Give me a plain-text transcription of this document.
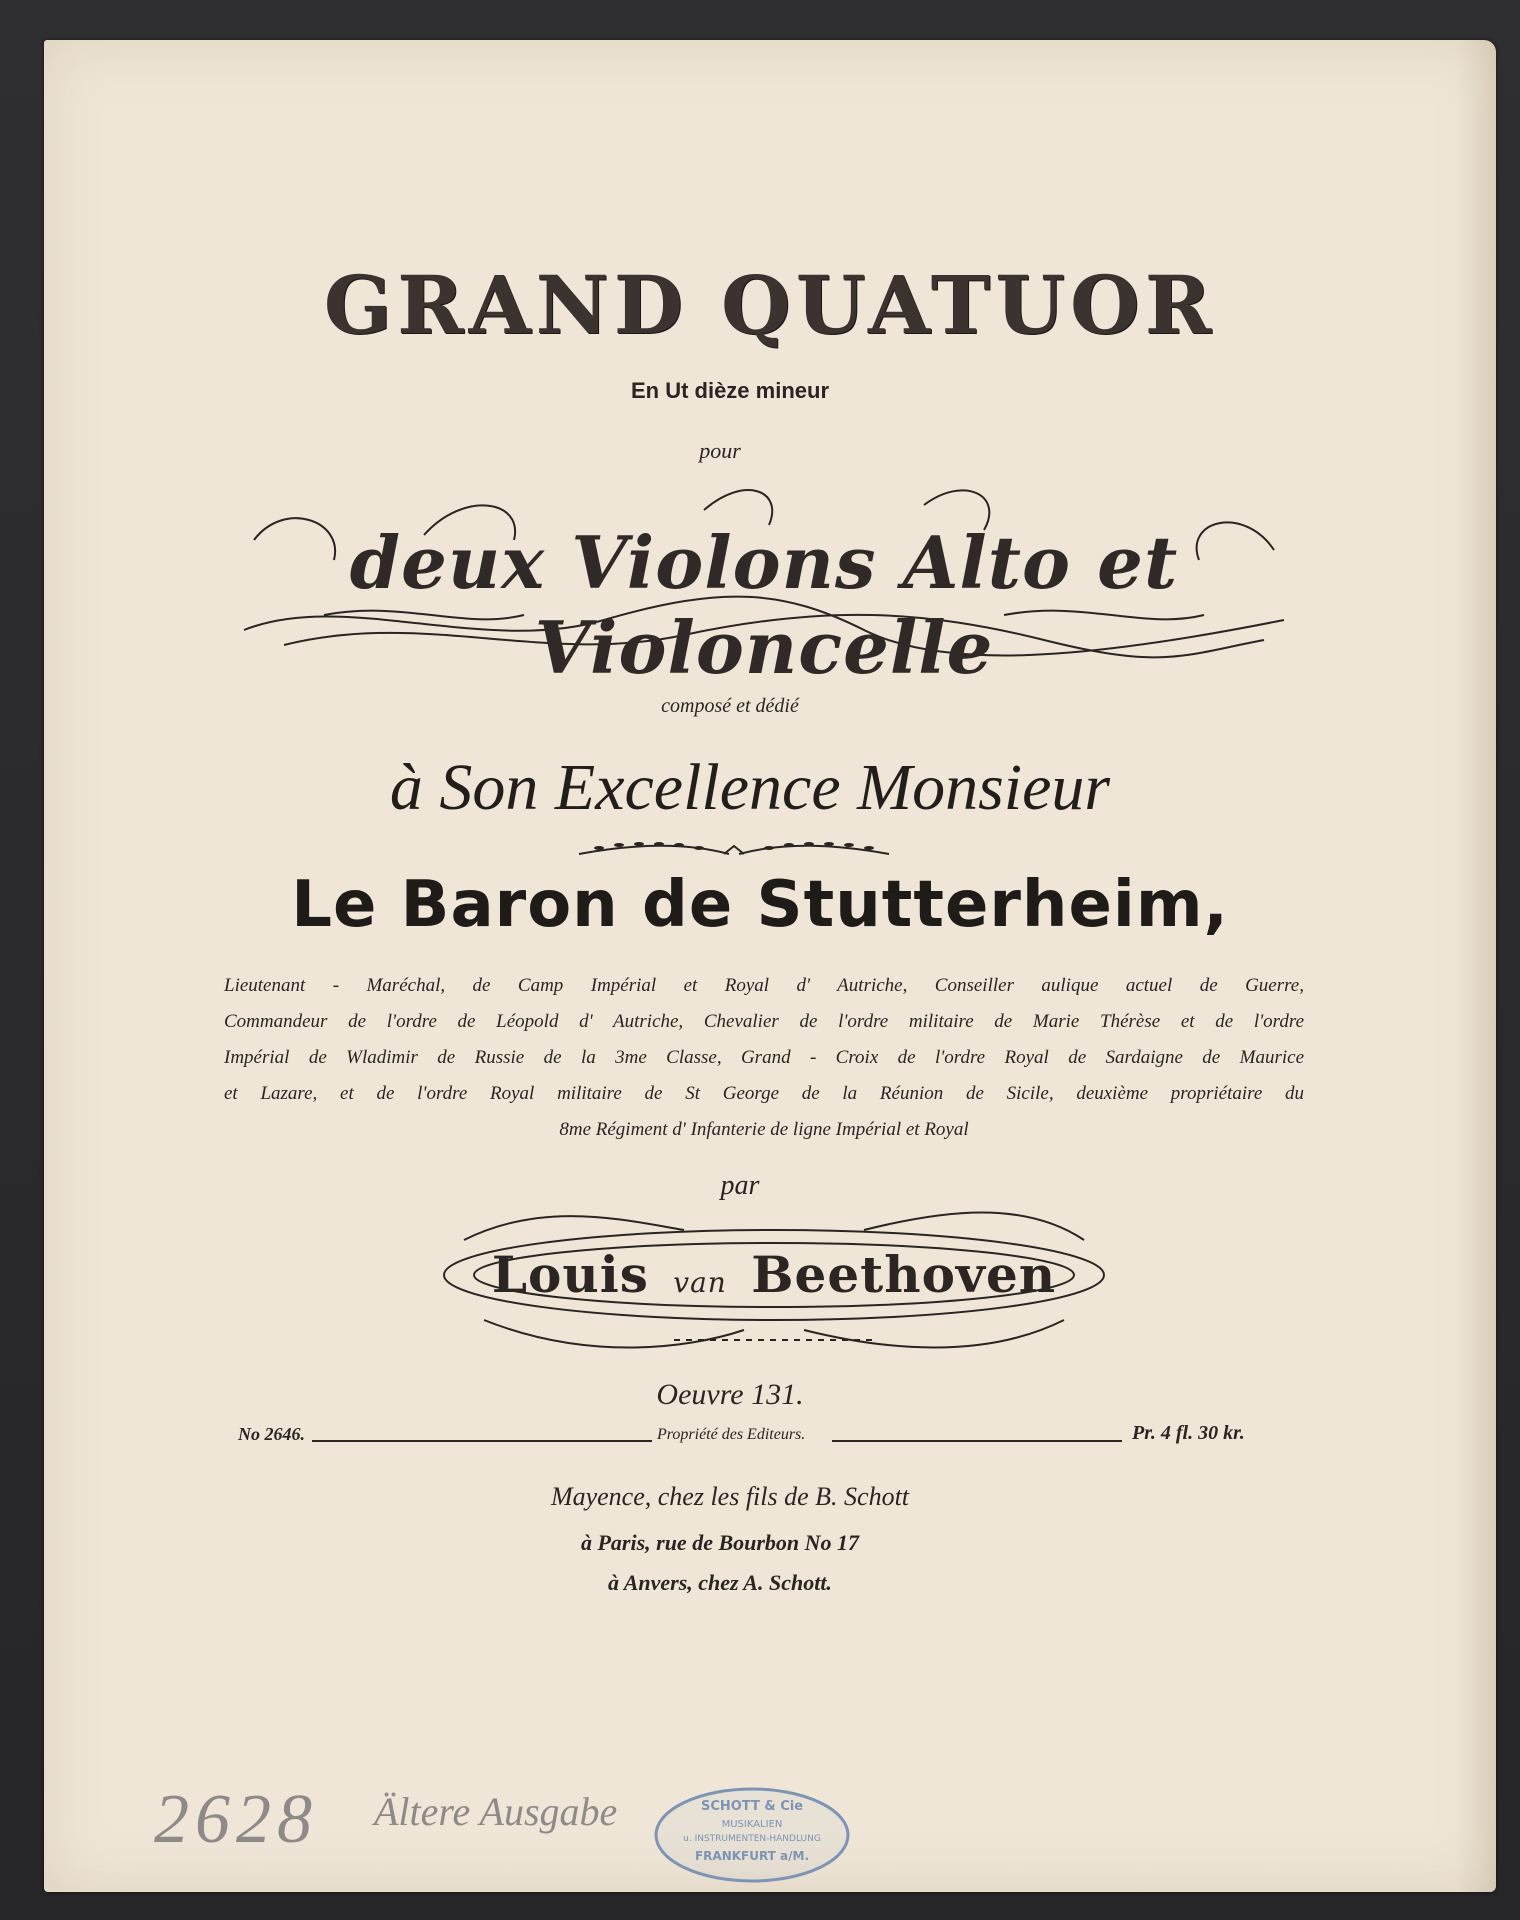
GRAND QUATUOR
En Ut dièze mineur
pour
deux Violons Alto et Violoncelle
composé et dédié
à Son Excellence Monsieur
Le Baron de Stutterheim,
Lieutenant - Maréchal, de Camp Impérial et Royal d' Autriche, Conseiller aulique actuel de Guerre,
Commandeur de l'ordre de Léopold d' Autriche, Chevalier de l'ordre militaire de Marie Thérèse et de l'ordre
Impérial de Wladimir de Russie de la 3me Classe, Grand - Croix de l'ordre Royal de Sardaigne de Maurice
et Lazare, et de l'ordre Royal militaire de St George de la Réunion de Sicile, deuxième propriétaire du
8me Régiment d' Infanterie de ligne Impérial et Royal
par
Louis van Beethoven
Oeuvre 131.
No 2646.	Propriété des Editeurs.	Pr. 4 fl. 30 kr.
Mayence, chez les fils de B. Schott
à Paris, rue de Bourbon No 17
à Anvers, chez A. Schott.
2628 Ältere Ausgabe	SCHOTT & Cie
MUSIKALIEN
u. INSTRUMENTEN-HANDLUNG
FRANKFURT a/M.
